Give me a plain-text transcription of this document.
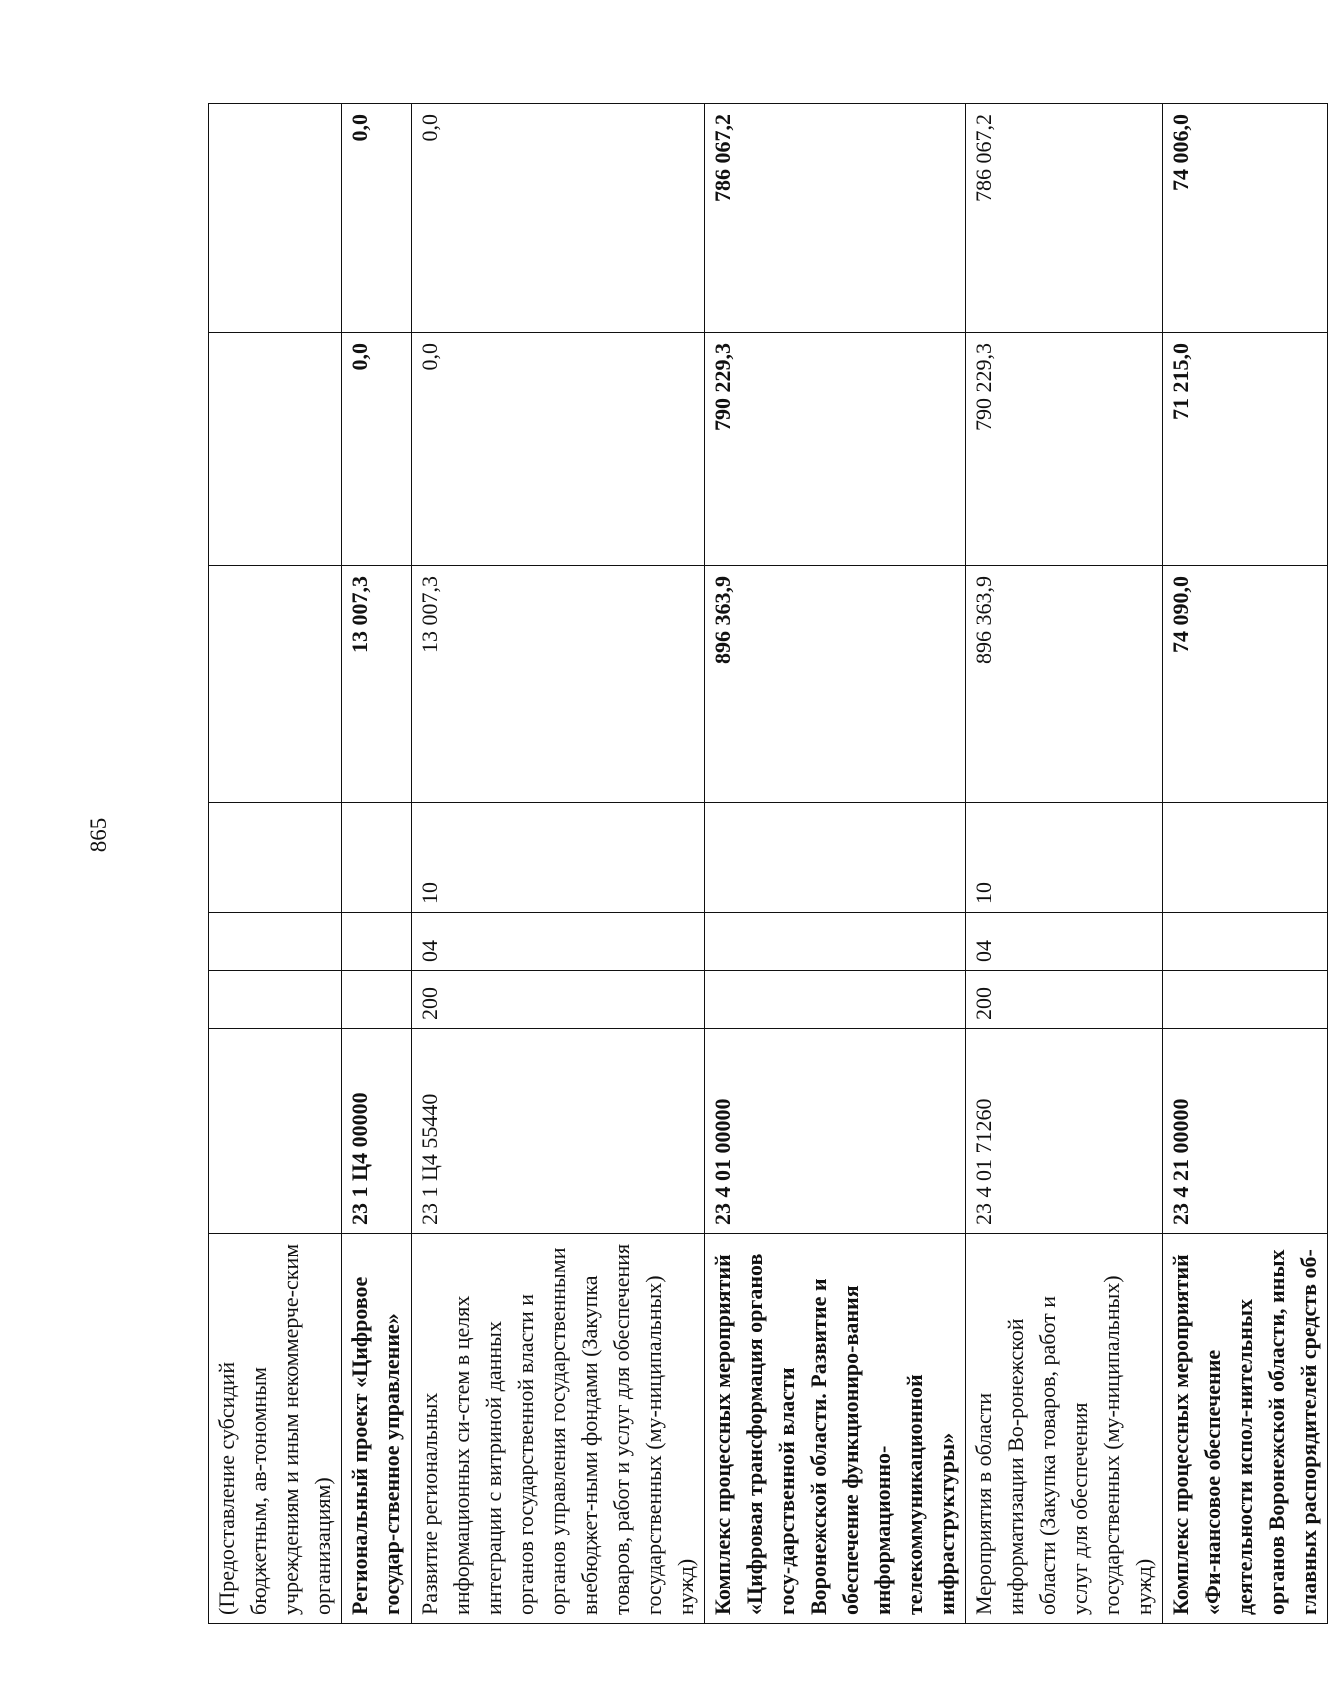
865
(Предоставление субсидий бюджетным, ав-тономным учреждениям и иным некоммерче-ским организациям)							
Региональный проект «Цифровое государ-ственное управление»	23 1 Ц4 00000				13 007,3	0,0	0,0
Развитие региональных информационных си-стем в целях интеграции с витриной данных органов государственной власти и органов управления государственными внебюджет-ными фондами (Закупка товаров, работ и услуг для обеспечения государственных (му-ниципальных) нужд)	23 1 Ц4 55440	200	04	10	13 007,3	0,0	0,0
Комплекс процессных мероприятий «Цифровая трансформация органов госу-дарственной власти Воронежской области. Развитие и обеспечение функциониро-вания информационно-телекоммуникационной инфраструктуры»	23 4 01 00000				896 363,9	790 229,3	786 067,2
Мероприятия в области информатизации Во-ронежской области (Закупка товаров, работ и услуг для обеспечения государственных (му-ниципальных) нужд)	23 4 01 71260	200	04	10	896 363,9	790 229,3	786 067,2
Комплекс процессных мероприятий «Фи-нансовое обеспечение деятельности испол-нительных органов Воронежской области, иных главных распорядителей средств об-	23 4 21 00000				74 090,0	71 215,0	74 006,0
